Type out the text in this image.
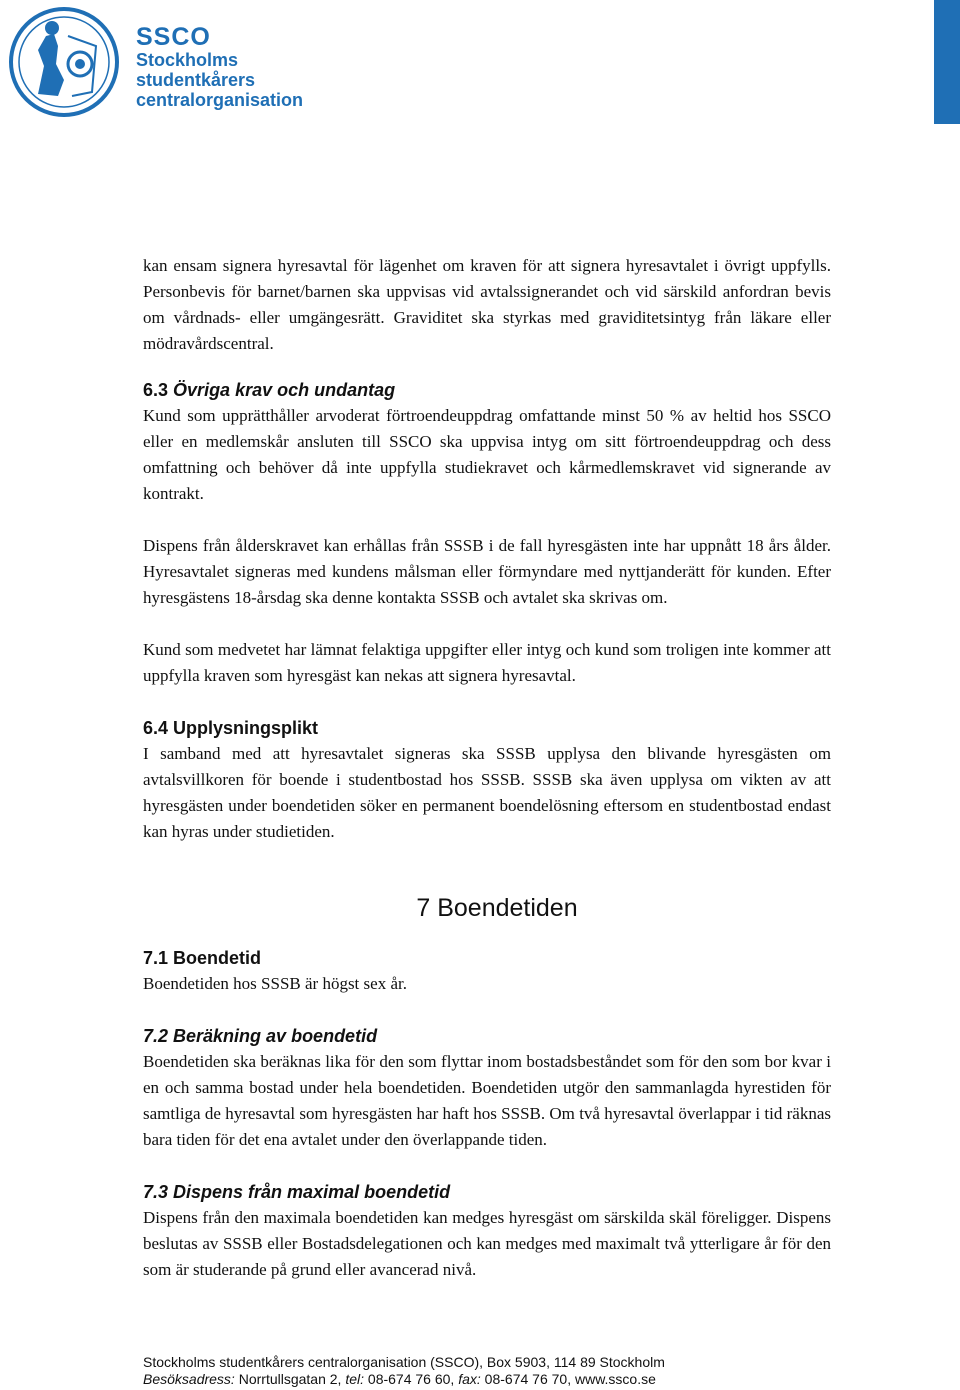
SSCO
Stockholms
studentkårers
centralorganisation

kan ensam signera hyresavtal för lägenhet om kraven för att signera hyresavtalet i övrigt uppfylls. Personbevis för barnet/barnen ska uppvisas vid avtalssignerandet och vid särskild anfordran bevis om vårdnads- eller umgängesrätt. Graviditet ska styrkas med graviditetsintyg från läkare eller mödravårdscentral.

6.3 Övriga krav och undantag

Kund som upprätthåller arvoderat förtroendeuppdrag omfattande minst 50 % av heltid hos SSCO eller en medlemskår ansluten till SSCO ska uppvisa intyg om sitt förtroendeuppdrag och dess omfattning och behöver då inte uppfylla studiekravet och kårmedlemskravet vid signerande av kontrakt.

Dispens från ålderskravet kan erhållas från SSSB i de fall hyresgästen inte har uppnått 18 års ålder. Hyresavtalet signeras med kundens målsman eller förmyndare med nyttjanderätt för kunden. Efter hyresgästens 18-årsdag ska denne kontakta SSSB och avtalet ska skrivas om.

Kund som medvetet har lämnat felaktiga uppgifter eller intyg och kund som troligen inte kommer att uppfylla kraven som hyresgäst kan nekas att signera hyresavtal.

6.4 Upplysningsplikt

I samband med att hyresavtalet signeras ska SSSB upplysa den blivande hyresgästen om avtalsvillkoren för boende i studentbostad hos SSSB. SSSB ska även upplysa om vikten av att hyresgästen under boendetiden söker en permanent boendelösning eftersom en studentbostad endast kan hyras under studietiden.

7 Boendetiden
7.1 Boendetid

Boendetiden hos SSSB är högst sex år.

7.2 Beräkning av boendetid

Boendetiden ska beräknas lika för den som flyttar inom bostadsbeståndet som för den som bor kvar i en och samma bostad under hela boendetiden. Boendetiden utgör den sammanlagda hyrestiden för samtliga de hyresavtal som hyresgästen har haft hos SSSB. Om två hyresavtal överlappar i tid räknas bara tiden för det ena avtalet under den överlappande tiden.

7.3 Dispens från maximal boendetid

Dispens från den maximala boendetiden kan medges hyresgäst om särskilda skäl föreligger. Dispens beslutas av SSSB eller Bostadsdelegationen och kan medges med maximalt två ytterligare år för den som är studerande på grund eller avancerad nivå.

Stockholms studentkårers centralorganisation (SSCO), Box 5903, 114 89 Stockholm
Besöksadress: Norrtullsgatan 2, tel: 08-674 76 60, fax: 08-674 76 70, www.ssco.se
